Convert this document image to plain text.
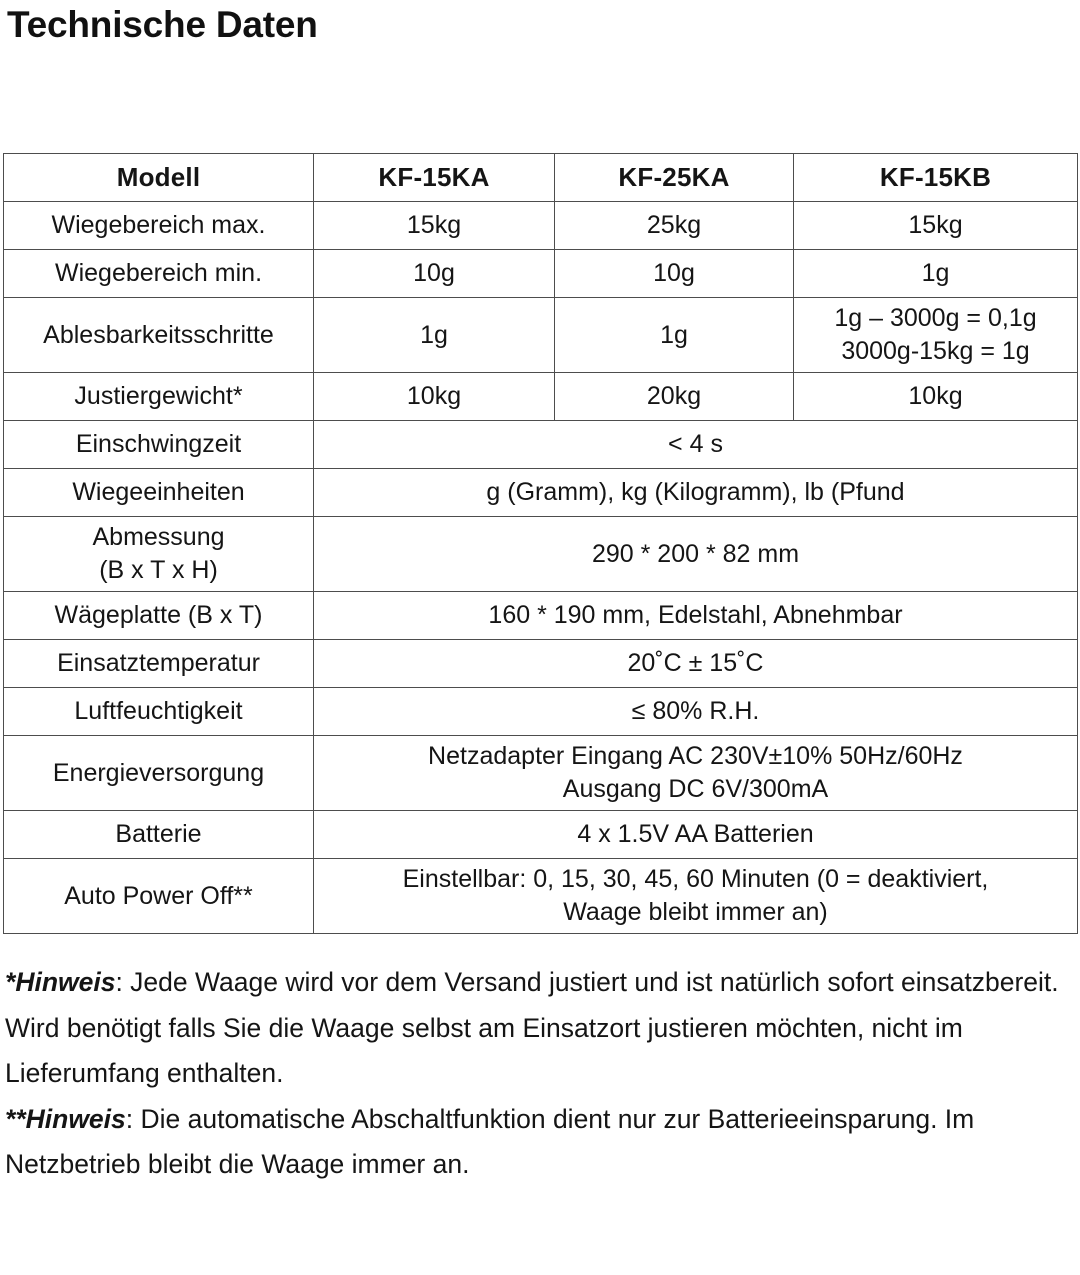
Technische Daten
Modell	KF-15KA	KF-25KA	KF-15KB
Wiegebereich max.	15kg	25kg	15kg
Wiegebereich min.	10g	10g	1g
Ablesbarkeitsschritte	1g	1g	1g – 3000g = 0,1g
3000g-15kg = 1g

Justiergewicht*	10kg	20kg	10kg
Einschwingzeit	< 4 s		
Wiegeeinheiten	g (Gramm), kg (Kilogramm), lb (Pfund		

Abmessung
(B x T x H)	290 * 200 * 82 mm		
Wägeplatte (B x T)	160 * 190 mm, Edelstahl, Abnehmbar		
Einsatztemperatur	20˚C ± 15˚C		
Luftfeuchtigkeit	≤ 80% R.H.		
Energieversorgung	Netzadapter Eingang AC 230V±10% 50Hz/60Hz
Ausgang DC 6V/300mA		

Batterie	4 x 1.5V AA Batterien		
Auto Power Off**	Einstellbar: 0, 15, 30, 45, 60 Minuten (0 = deaktiviert,
Waage bleibt immer an)		

*Hinweis: Jede Waage wird vor dem Versand justiert und ist natürlich sofort einsatzbereit. Wird benötigt falls Sie die Waage selbst am Einsatzort justieren möchten, nicht im Lieferumfang enthalten.

**Hinweis: Die automatische Abschaltfunktion dient nur zur Batterieeinsparung. Im Netzbetrieb bleibt die Waage immer an.
